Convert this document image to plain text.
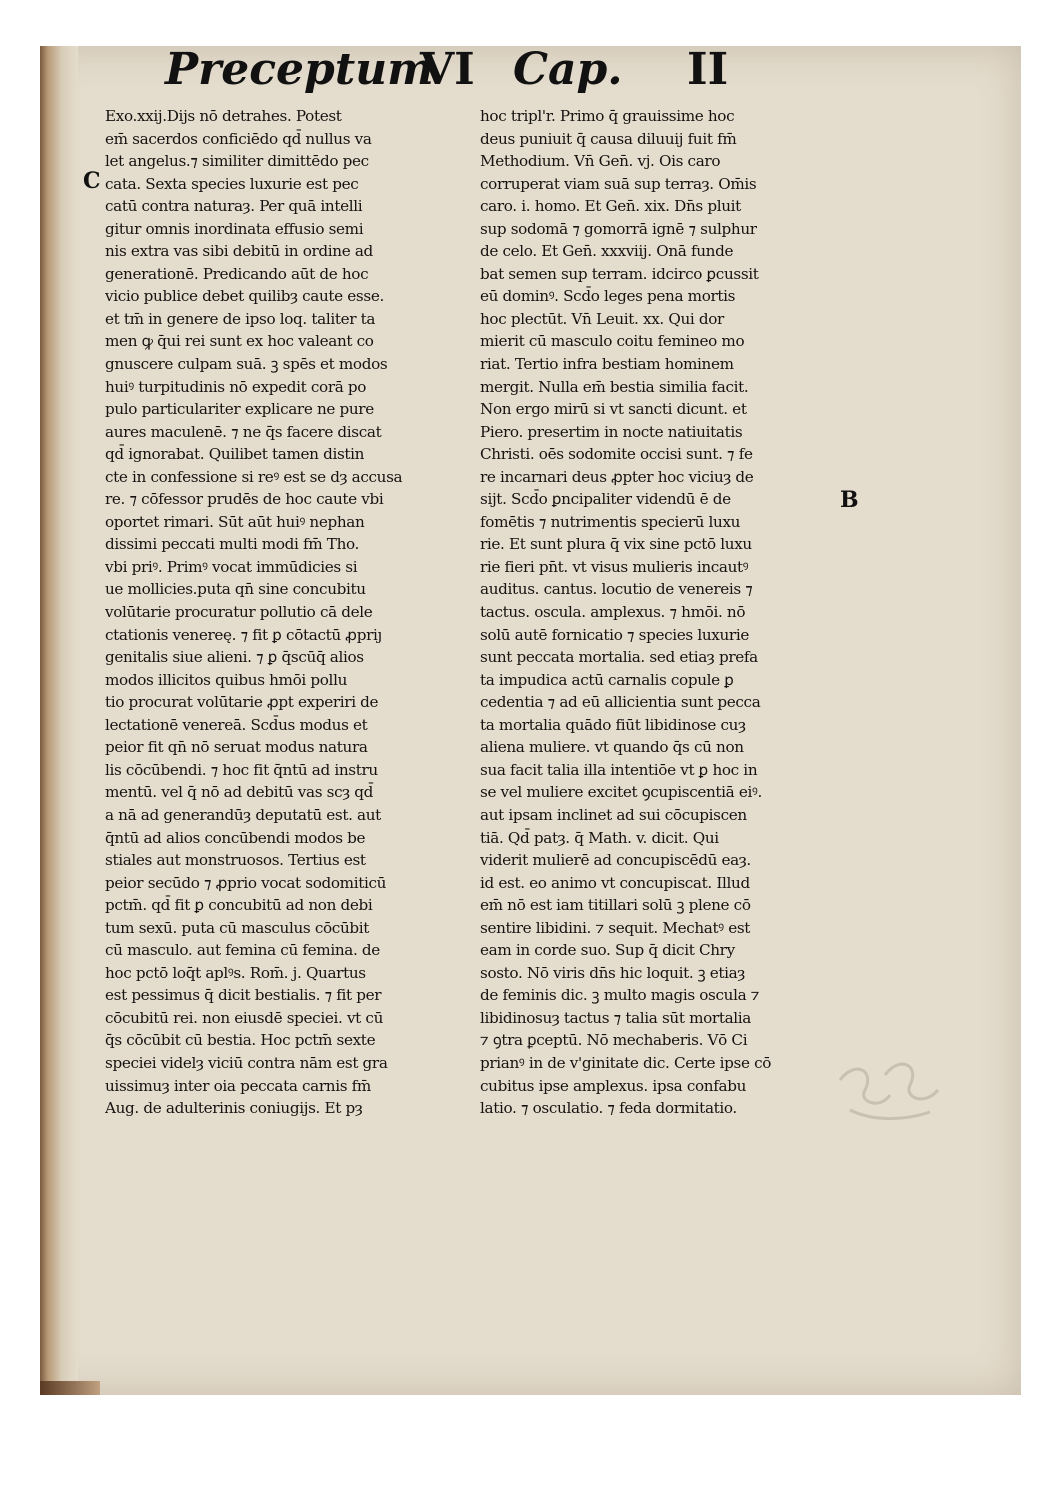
Preceptum
VI Cap. II
C
B
Exo.xxij.Dijs nō detrahes. Potest
em̄ sacerdos conficiēdo qd̄ nullus va
let angelus.⁊ similiter dimittēdo pec
cata. Sexta species luxurie est pec
catū contra naturaȝ. Per quā intelli
gitur omnis inordinata effusio semi
nis extra vas sibi debitū in ordine ad
generationē. Predicando aūt de hoc
vicio publice debet quilibȝ caute esse.
et tm̄ in genere de ipso loq. taliter ta
men ꝙ q̄ui rei sunt ex hoc valeant co
gnuscere culpam suā. ꝫ spēs et modos
huiꝰ turpitudinis nō expedit corā po
pulo particulariter explicare ne pure
aures maculenē. ⁊ ne q̄s facere discat
qd̄ ignorabat. Quilibet tamen distin
cte in confessione si reꝰ est se dȝ accusa
re. ⁊ cōfessor prudēs de hoc caute vbi
oportet rimari. Sūt aūt huiꝰ nephan
dissimi peccati multi modi fm̄ Tho.
vbi priꝰ. Primꝰ vocat immūdicies si
ue mollicies.puta qn̄ sine concubitu
volūtarie procuratur pollutio cā dele
ctationis venereę. ⁊ fit ꝑ cōtactū ꝓpriȷ
genitalis siue alieni. ⁊ ꝑ q̄scūq̄ alios
modos illicitos quibus hmōi pollu
tio procurat volūtarie ꝓpt experiri de
lectationē venereā. Scd̄us modus et
peior fit qn̄ nō seruat modus natura
lis cōcūbendi. ⁊ hoc fit q̄ntū ad instru
mentū. vel q̄ nō ad debitū vas scȝ qd̄
a nā ad generandūȝ deputatū est. aut
q̄ntū ad alios concūbendi modos be
stiales aut monstruosos. Tertius est
peior secūdo ⁊ ꝓprio vocat sodomiticū
pctm̄. qd̄ fit ꝑ concubitū ad non debi
tum sexū. puta cū masculus cōcūbit
cū masculo. aut femina cū femina. de
hoc pctō loq̄t aplꝰs. Rom̄. j. Quartus
est pessimus q̄ dicit bestialis. ⁊ fit per
cōcubitū rei. non eiusdē speciei. vt cū
q̄s cōcūbit cū bestia. Hoc pctm̄ sexte
speciei videlȝ viciū contra nām est gra
uissimuȝ inter oia peccata carnis fm̄
Aug. de adulterinis coniugijs. Et pȝ
hoc tripl'r. Primo q̄ grauissime hoc
deus puniuit q̄ causa diluuij fuit fm̄
Methodium. Vn̄ Gen̄. vj. Ois caro
corruperat viam suā sup terraȝ. Om̄is
caro. i. homo. Et Gen̄. xix. Dn̄s pluit
sup sodomā ⁊ gomorrā ignē ⁊ sulphur
de celo. Et Gen̄. xxxviij. Onā funde
bat semen sup terram. idcirco ꝑcussit
eū dominꝰ. Scd̄o leges pena mortis
hoc plectūt. Vn̄ Leuit. xx. Qui dor
mierit cū masculo coitu femineo mo
riat. Tertio infra bestiam hominem
mergit. Nulla em̄ bestia similia facit.
Non ergo mirū si vt sancti dicunt. et
Piero. presertim in nocte natiuitatis
Christi. oēs sodomite occisi sunt. ⁊ fe
re incarnari deus ꝓpter hoc viciuȝ de
sijt. Scd̄o ꝑncipaliter videndū ē de
fomētis ⁊ nutrimentis specierū luxu
rie. Et sunt plura q̄ vix sine pctō luxu
rie fieri pn̄t. vt visus mulieris incautꝰ
auditus. cantus. locutio de venereis ⁊
tactus. oscula. amplexus. ⁊ hmōi. nō
solū autē fornicatio ⁊ species luxurie
sunt peccata mortalia. sed etiaȝ prefa
ta impudica actū carnalis copule ꝑ
cedentia ⁊ ad eū allicientia sunt pecca
ta mortalia quādo fiūt libidinose cuȝ
aliena muliere. vt quando q̄s cū non
sua facit talia illa intentiōe vt ꝑ hoc in
se vel muliere excitet ꝯcupiscentiā eiꝰ.
aut ipsam inclinet ad sui cōcupiscen
tiā. Qd̄ patȝ. q̄ Math. v. dicit. Qui
viderit mulierē ad concupiscēdū eaȝ.
id est. eo animo vt concupiscat. Illud
em̄ nō est iam titillari solū ꝫ plene cō
sentire libidini. ⁊ sequit. Mechatꝰ est
eam in corde suo. Sup q̄ dicit Chry
sosto. Nō viris dn̄s hic loquit. ꝫ etiaȝ
de feminis dic. ꝫ multo magis oscula ⁊
libidinosuȝ tactus ⁊ talia sūt mortalia
⁊ ꝯtra ꝑceptū. Nō mechaberis. Vō Ci
prianꝰ in de v'ginitate dic. Certe ipse cō
cubitus ipse amplexus. ipsa confabu
latio. ⁊ osculatio. ⁊ feda dormitatio.
